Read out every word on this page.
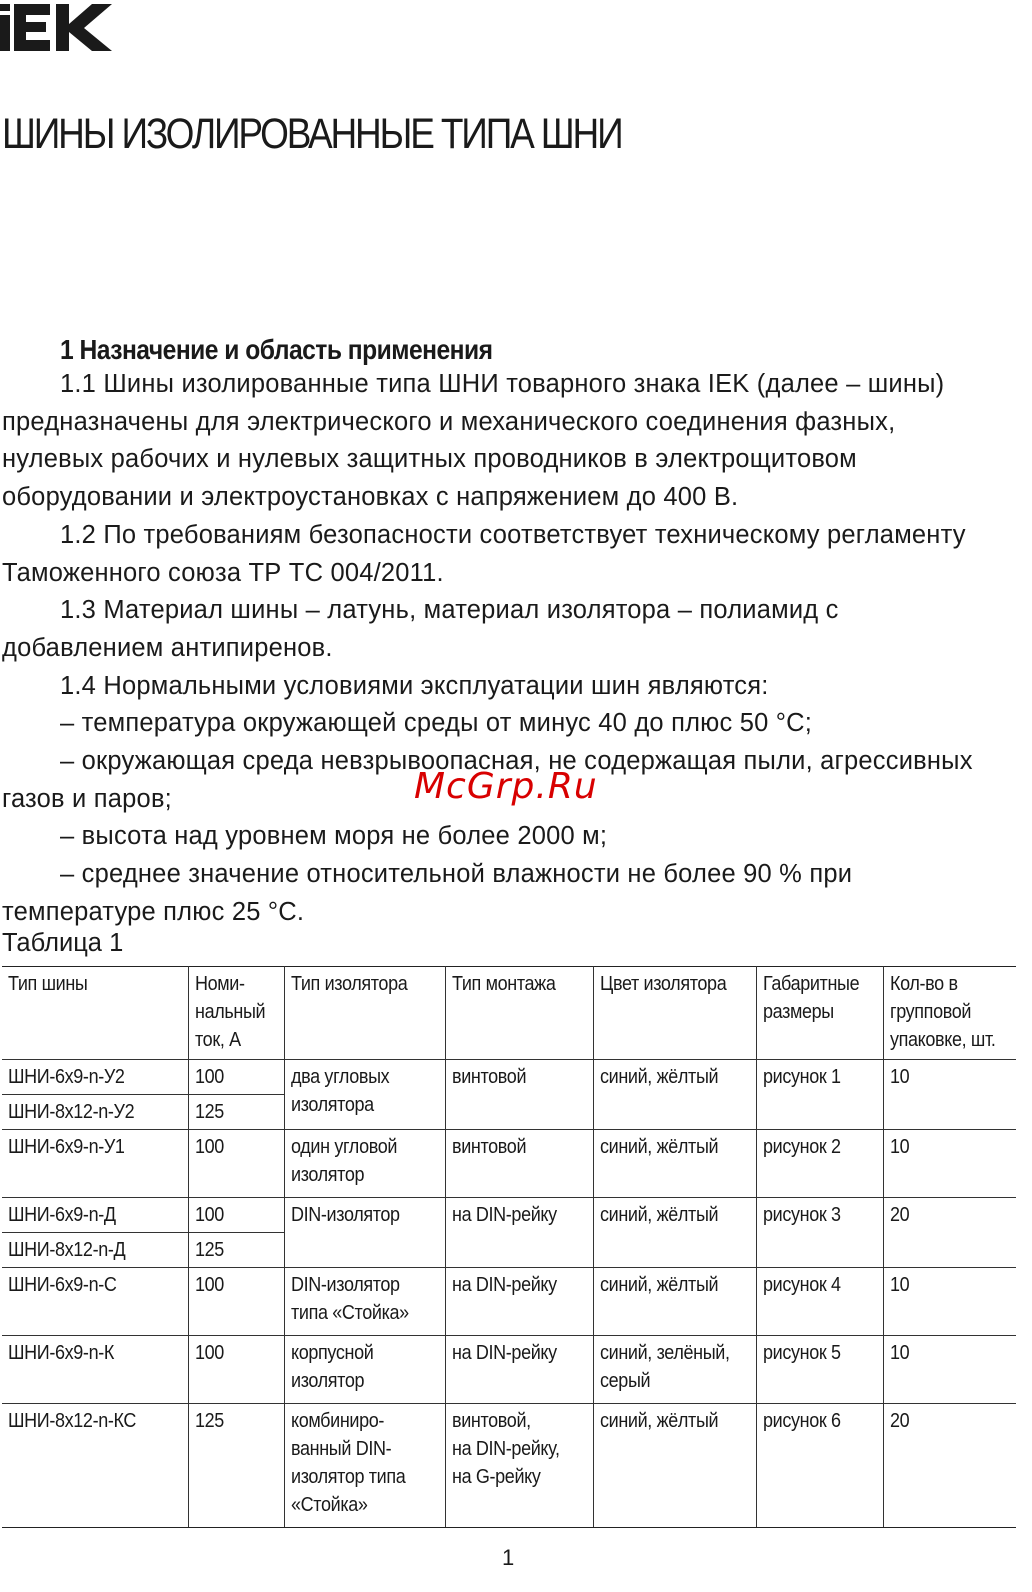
ШИНЫ ИЗОЛИРОВАННЫЕ ТИПА ШНИ
1 Назначение и область применения

1.1 Шины изолированные типа ШНИ товарного знака IEK (далее – шины) предназначены для электрического и механического соединения фазных, нулевых рабочих и нулевых защитных проводников в электрощитовом оборудовании и электроустановках с напряжением до 400 В.

1.2 По требованиям безопасности соответствует техническому регламенту Таможенного союза ТР ТС 004/2011.

1.3 Материал шины – латунь, материал изолятора – полиамид с добавлением антипиренов.

1.4 Нормальными условиями эксплуатации шин являются:

– температура окружающей среды от минус 40 до плюс 50 °С;

– окружающая среда невзрывоопасная, не содержащая пыли, агрессивных газов и паров;

– высота над уровнем моря не более 2000 м;

– среднее значение относительной влажности не более 90 % при температуре плюс 25 °С.

McGrp.Ru

Таблица 1

Тип шины	Номи-
нальный
ток, А	Тип изолятора	Тип монтажа	Цвет изолятора	Габаритные
размеры	Кол-во в
групповой
упаковке, шт.
ШНИ-6х9-n-У2	100	два угловых
изолятора	винтовой	синий, жёлтый	рисунок 1	10
ШНИ-8х12-n-У2	125					
ШНИ-6х9-n-У1	100	один угловой
изолятор	винтовой	синий, жёлтый	рисунок 2	10
ШНИ-6х9-n-Д	100	DIN-изолятор	на DIN-рейку	синий, жёлтый	рисунок 3	20
ШНИ-8х12-n-Д	125					
ШНИ-6х9-n-С	100	DIN-изолятор
типа «Стойка»	на DIN-рейку	синий, жёлтый	рисунок 4	10
ШНИ-6х9-n-К	100	корпусной
изолятор	на DIN-рейку	синий, зелёный,
серый	рисунок 5	10
ШНИ-8х12-n-КС	125	комбиниро-
ванный DIN-
изолятор типа
«Стойка»	винтовой,
на DIN-рейку,
на G-рейку	синий, жёлтый	рисунок 6	20
1
